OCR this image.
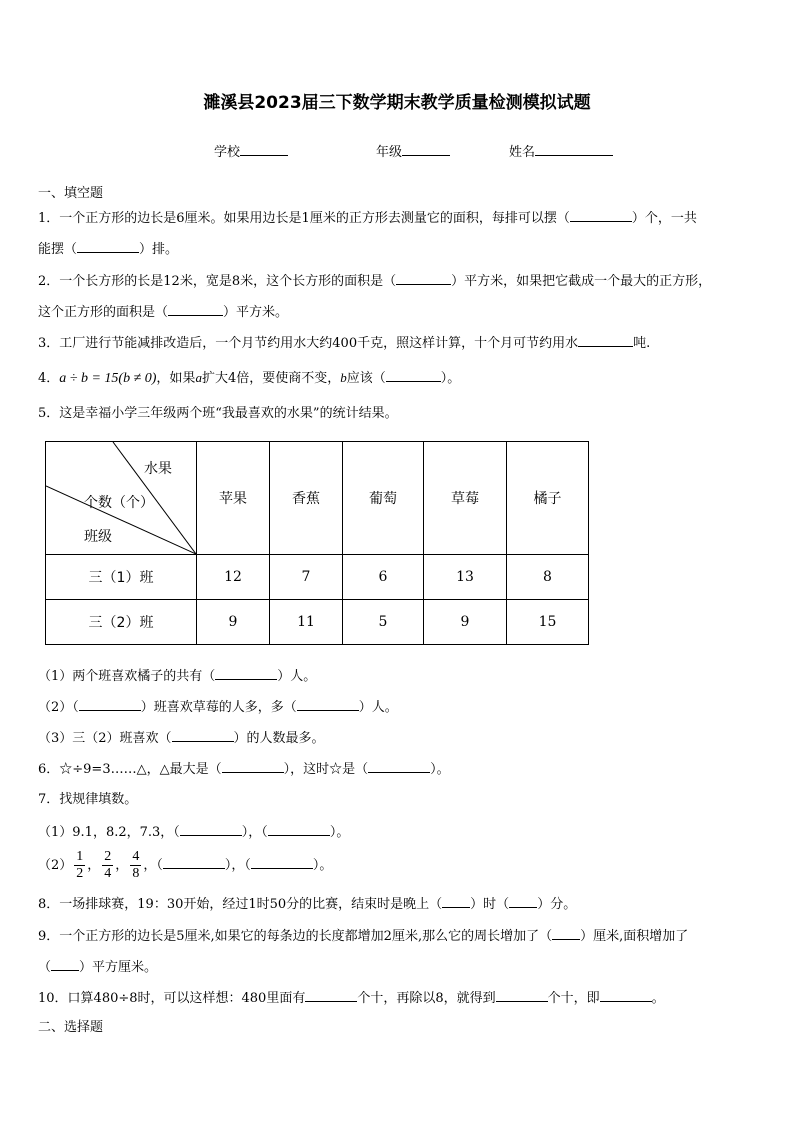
濉溪县2023届三下数学期末教学质量检测模拟试题
学校	年级	姓名
一、填空题
1．一个正方形的边长是6厘米。如果用边长是1厘米的正方形去测量它的面积，每排可以摆（	）个，一共
能摆（	）排。
2．一个长方形的长是12米，宽是8米，这个长方形的面积是（	）平方米，如果把它截成一个最大的正方形，
这个正方形的面积是（	）平方米。
3．工厂进行节能减排改造后，一个月节约用水大约400千克，照这样计算，十个月可节约用水	吨.
4．a ÷ b = 15(b ≠ 0)，如果a扩大4倍，要使商不变，b应该（	）。
5．这是幸福小学三年级两个班“我最喜欢的水果”的统计结果。
水果
个数（个）
班级	苹果	香蕉	葡萄	草莓	橘子
三（1）班	12	7	6	13	8
三（2）班	9	11	5	9	15
（1）两个班喜欢橘子的共有（	）人。
（2）（	）班喜欢草莓的人多，多（	）人。
（3）三（2）班喜欢（	）的人数最多。
6．☆÷9=3……△，△最大是（	），这时☆是（	）。
7．找规律填数。
（1）9.1，8.2，7.3，（	），（	）。
$(2) \frac{1}{2}$ ， $\frac{2}{4}$ ， $\frac{4}{8}$ ，（	），（	）。
8．一场排球赛，19：30开始，经过1时50分的比赛，结束时是晚上（ ）时（ ）分。
9．一个正方形的边长是5厘米,如果它的每条边的长度都增加2厘米,那么它的周长增加了（ ）厘米,面积增加了
（ ）平方厘米。
10．口算480÷8时，可以这样想：480里面有	个十，再除以8，就得到	个十，即	。
二、选择题
